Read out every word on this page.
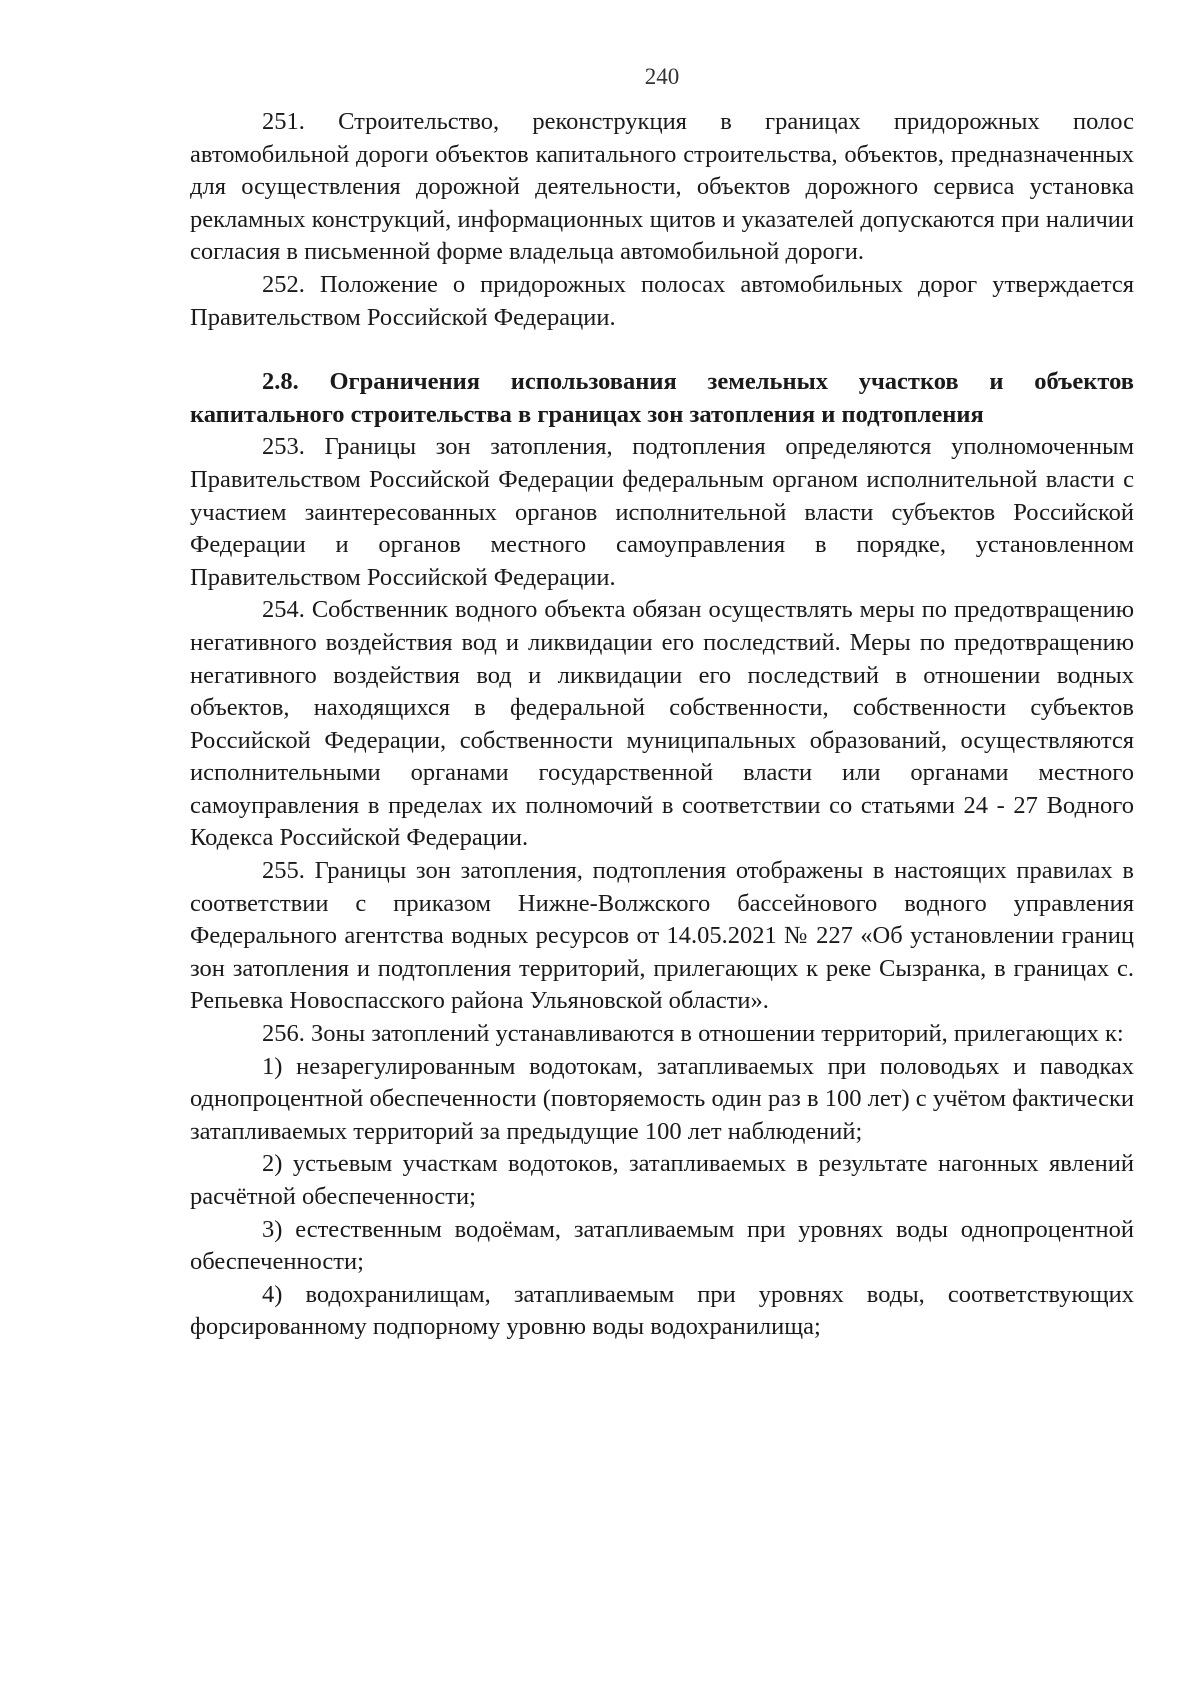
240

251. Строительство, реконструкция в границах придорожных полос автомобильной дороги объектов капитального строительства, объектов, предназначенных для осуществления дорожной деятельности, объектов дорожного сервиса установка рекламных конструкций, информационных щитов и указателей допускаются при наличии согласия в письменной форме владельца автомобильной дороги.

252. Положение о придорожных полосах автомобильных дорог утверждается Правительством Российской Федерации.

2.8. Ограничения использования земельных участков и объектов капитального строительства в границах зон затопления и подтопления

253. Границы зон затопления, подтопления определяются уполномоченным Правительством Российской Федерации федеральным органом исполнительной власти с участием заинтересованных органов исполнительной власти субъектов Российской Федерации и органов местного самоуправления в порядке, установленном Правительством Российской Федерации.

254. Собственник водного объекта обязан осуществлять меры по предотвращению негативного воздействия вод и ликвидации его последствий. Меры по предотвращению негативного воздействия вод и ликвидации его последствий в отношении водных объектов, находящихся в федеральной собственности, собственности субъектов Российской Федерации, собственности муниципальных образований, осуществляются исполнительными органами государственной власти или органами местного самоуправления в пределах их полномочий в соответствии со статьями 24 - 27 Водного Кодекса Российской Федерации.

255. Границы зон затопления, подтопления отображены в настоящих правилах в соответствии с приказом Нижне-Волжского бассейнового водного управления Федерального агентства водных ресурсов от 14.05.2021 № 227 «Об установлении границ зон затопления и подтопления территорий, прилегающих к реке Сызранка, в границах с. Репьевка Новоспасского района Ульяновской области».

256. Зоны затоплений устанавливаются в отношении территорий, прилегающих к:

1) незарегулированным водотокам, затапливаемых при половодьях и паводках однопроцентной обеспеченности (повторяемость один раз в 100 лет) с учётом фактически затапливаемых территорий за предыдущие 100 лет наблюдений;

2) устьевым участкам водотоков, затапливаемых в результате нагонных явлений расчётной обеспеченности;

3) естественным водоёмам, затапливаемым при уровнях воды однопроцентной обеспеченности;

4) водохранилищам, затапливаемым при уровнях воды, соответствующих форсированному подпорному уровню воды водохранилища;
